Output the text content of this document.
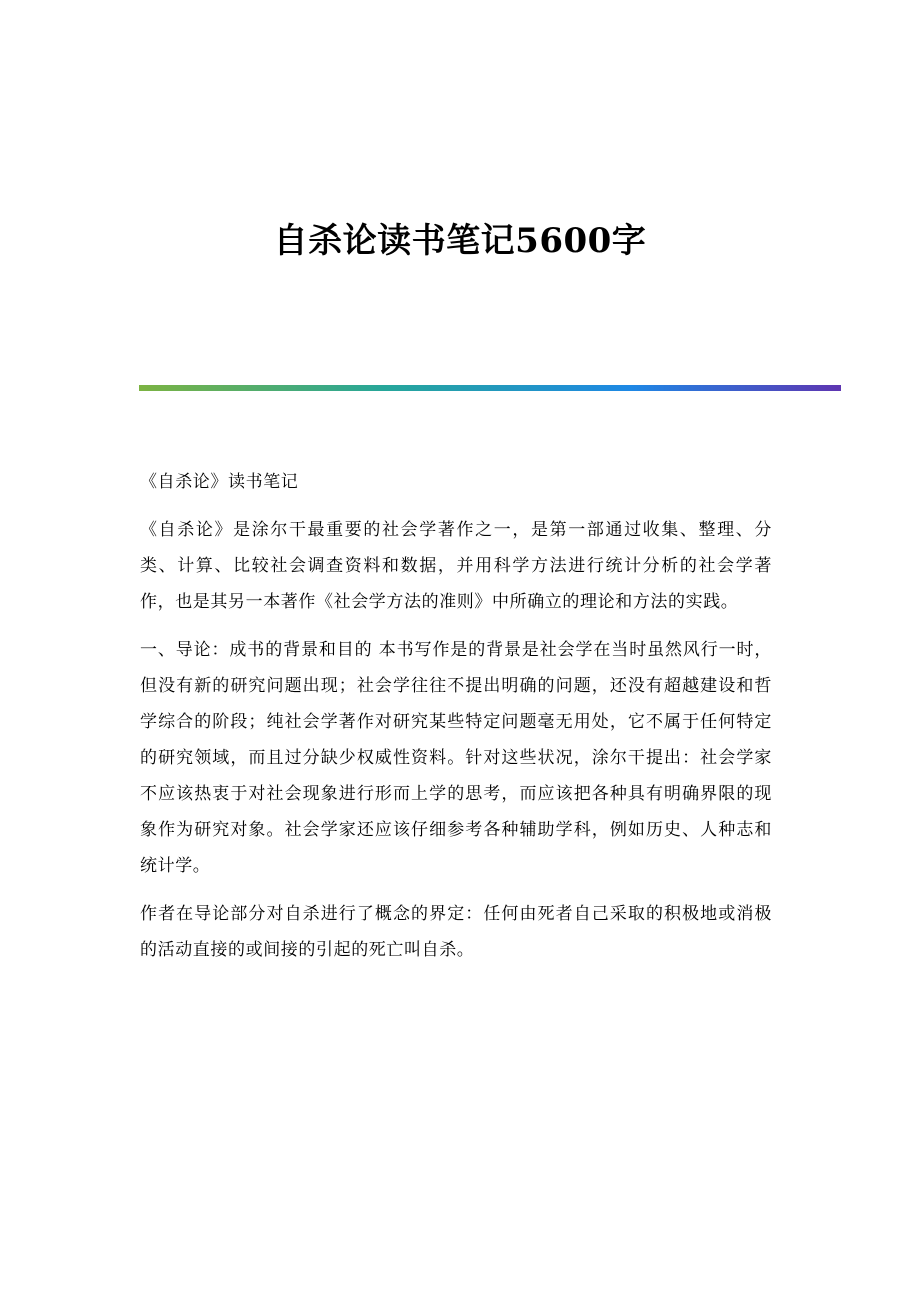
自杀论读书笔记5600字

《自杀论》读书笔记

《自杀论》是涂尔干最重要的社会学著作之一，是第一部通过收集、整理、分类、计算、比较社会调查资料和数据，并用科学方法进行统计分析的社会学著作，也是其另一本著作《社会学方法的准则》中所确立的理论和方法的实践。

一、导论：成书的背景和目的 本书写作是的背景是社会学在当时虽然风行一时，但没有新的研究问题出现；社会学往往不提出明确的问题，还没有超越建设和哲学综合的阶段；纯社会学著作对研究某些特定问题毫无用处，它不属于任何特定的研究领域，而且过分缺少权威性资料。针对这些状况，涂尔干提出：社会学家不应该热衷于对社会现象进行形而上学的思考，而应该把各种具有明确界限的现象作为研究对象。社会学家还应该仔细参考各种辅助学科，例如历史、人种志和统计学。

作者在导论部分对自杀进行了概念的界定：任何由死者自己采取的积极地或消极的活动直接的或间接的引起的死亡叫自杀。
